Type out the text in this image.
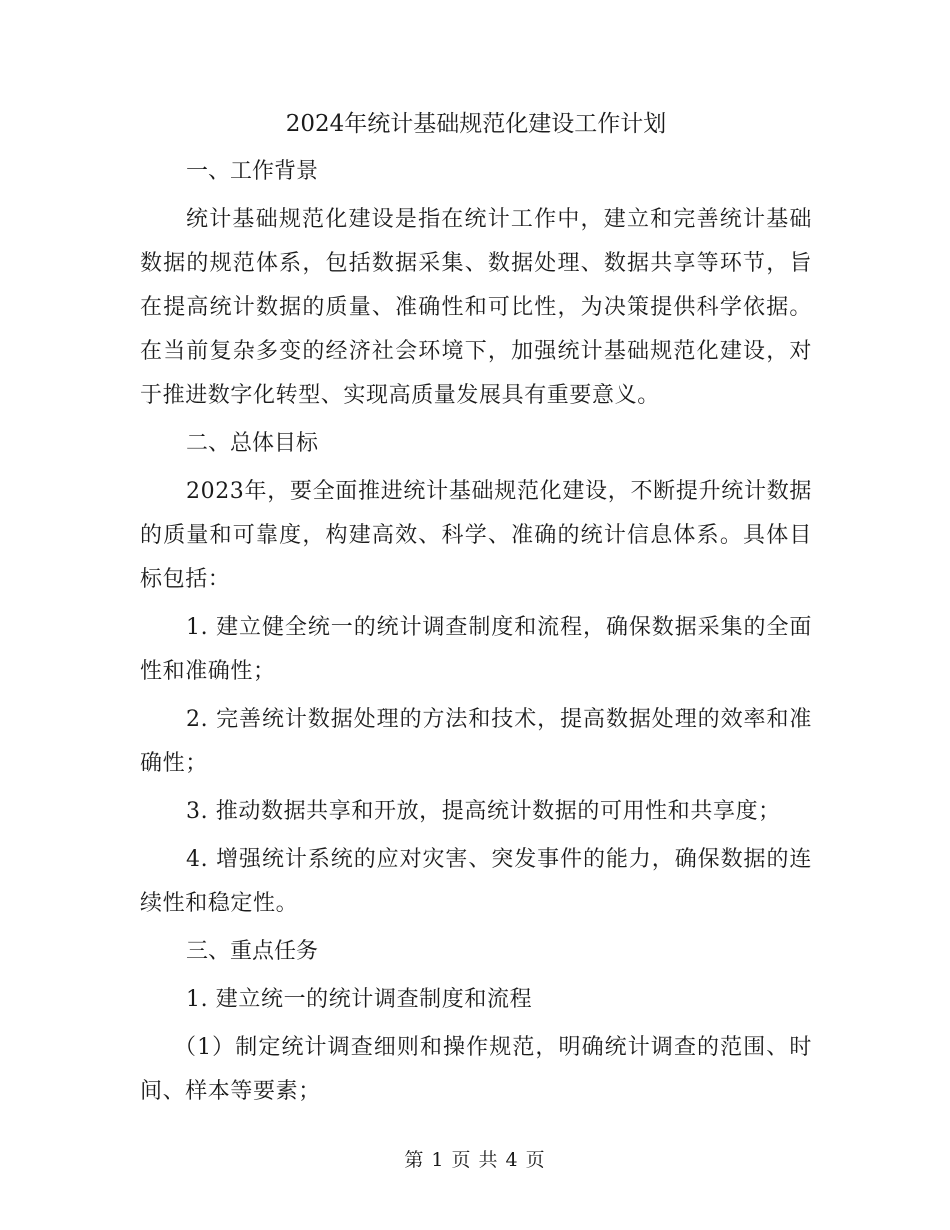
2024年统计基础规范化建设工作计划
一、工作背景
统计基础规范化建设是指在统计工作中，建立和完善统计基础数据的规范体系，包括数据采集、数据处理、数据共享等环节，旨在提高统计数据的质量、准确性和可比性，为决策提供科学依据。在当前复杂多变的经济社会环境下，加强统计基础规范化建设，对于推进数字化转型、实现高质量发展具有重要意义。
二、总体目标
2023年，要全面推进统计基础规范化建设，不断提升统计数据的质量和可靠度，构建高效、科学、准确的统计信息体系。具体目标包括：
1. 建立健全统一的统计调查制度和流程，确保数据采集的全面性和准确性；
2. 完善统计数据处理的方法和技术，提高数据处理的效率和准确性；
3. 推动数据共享和开放，提高统计数据的可用性和共享度；
4. 增强统计系统的应对灾害、突发事件的能力，确保数据的连续性和稳定性。
三、重点任务
1. 建立统一的统计调查制度和流程
（1）制定统计调查细则和操作规范，明确统计调查的范围、时间、样本等要素；
第 1 页 共 4 页
